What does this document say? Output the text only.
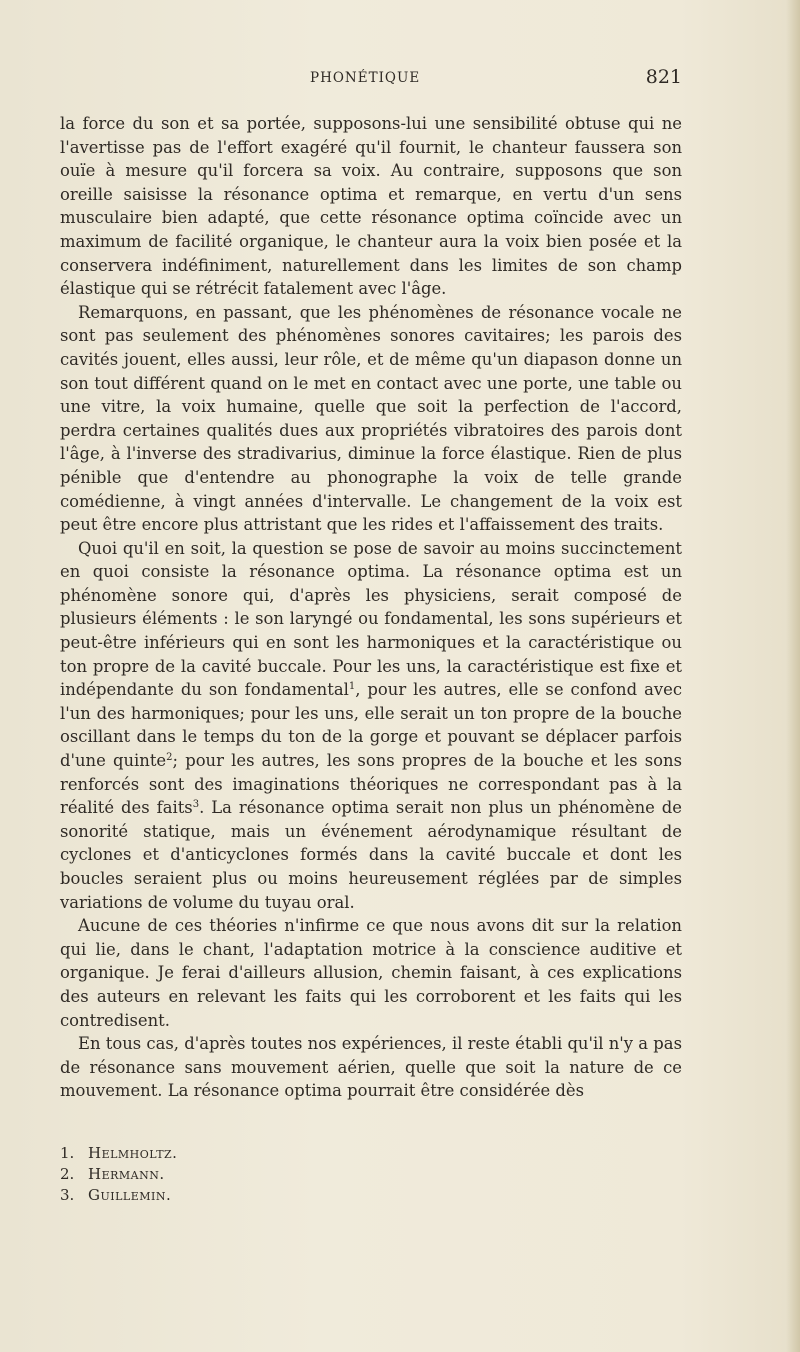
PHONÉTIQUE	821

la force du son et sa portée, supposons-lui une sensibilité obtuse qui ne l'avertisse pas de l'effort exagéré qu'il fournit, le chanteur faussera son ouïe à mesure qu'il forcera sa voix. Au contraire, supposons que son oreille saisisse la résonance optima et remarque, en vertu d'un sens musculaire bien adapté, que cette résonance optima coïncide avec un maximum de facilité organique, le chanteur aura la voix bien posée et la conservera indéfiniment, naturellement dans les limites de son champ élastique qui se rétrécit fatalement avec l'âge.

Remarquons, en passant, que les phénomènes de résonance vocale ne sont pas seulement des phénomènes sonores cavitaires; les parois des cavités jouent, elles aussi, leur rôle, et de même qu'un diapason donne un son tout différent quand on le met en contact avec une porte, une table ou une vitre, la voix humaine, quelle que soit la perfection de l'accord, perdra certaines qualités dues aux propriétés vibratoires des parois dont l'âge, à l'inverse des stradivarius, diminue la force élastique. Rien de plus pénible que d'entendre au phonographe la voix de telle grande comédienne, à vingt années d'intervalle. Le changement de la voix est peut être encore plus attristant que les rides et l'affaissement des traits.

Quoi qu'il en soit, la question se pose de savoir au moins succinctement en quoi consiste la résonance optima. La résonance optima est un phénomène sonore qui, d'après les physiciens, serait composé de plusieurs éléments : le son laryngé ou fondamental, les sons supérieurs et peut-être inférieurs qui en sont les harmoniques et la caractéristique ou ton propre de la cavité buccale. Pour les uns, la caractéristique est fixe et indépendante du son fondamental$^1$, pour les autres, elle se confond avec l'un des harmoniques; pour les uns, elle serait un ton propre de la bouche oscillant dans le temps du ton de la gorge et pouvant se déplacer parfois d'une quinte$^2$; pour les autres, les sons propres de la bouche et les sons renforcés sont des imaginations théoriques ne correspondant pas à la réalité des faits$^3$. La résonance optima serait non plus un phénomène de sonorité statique, mais un événement aérodynamique résultant de cyclones et d'anticyclones formés dans la cavité buccale et dont les boucles seraient plus ou moins heureusement réglées par de simples variations de volume du tuyau oral.

Aucune de ces théories n'infirme ce que nous avons dit sur la relation qui lie, dans le chant, l'adaptation motrice à la conscience auditive et organique. Je ferai d'ailleurs allusion, chemin faisant, à ces explications des auteurs en relevant les faits qui les corroborent et les faits qui les contredisent.

En tous cas, d'après toutes nos expériences, il reste établi qu'il n'y a pas de résonance sans mouvement aérien, quelle que soit la nature de ce mouvement. La résonance optima pourrait être considérée dès

1. Helmholtz.

2. Hermann.

3. Guillemin.
